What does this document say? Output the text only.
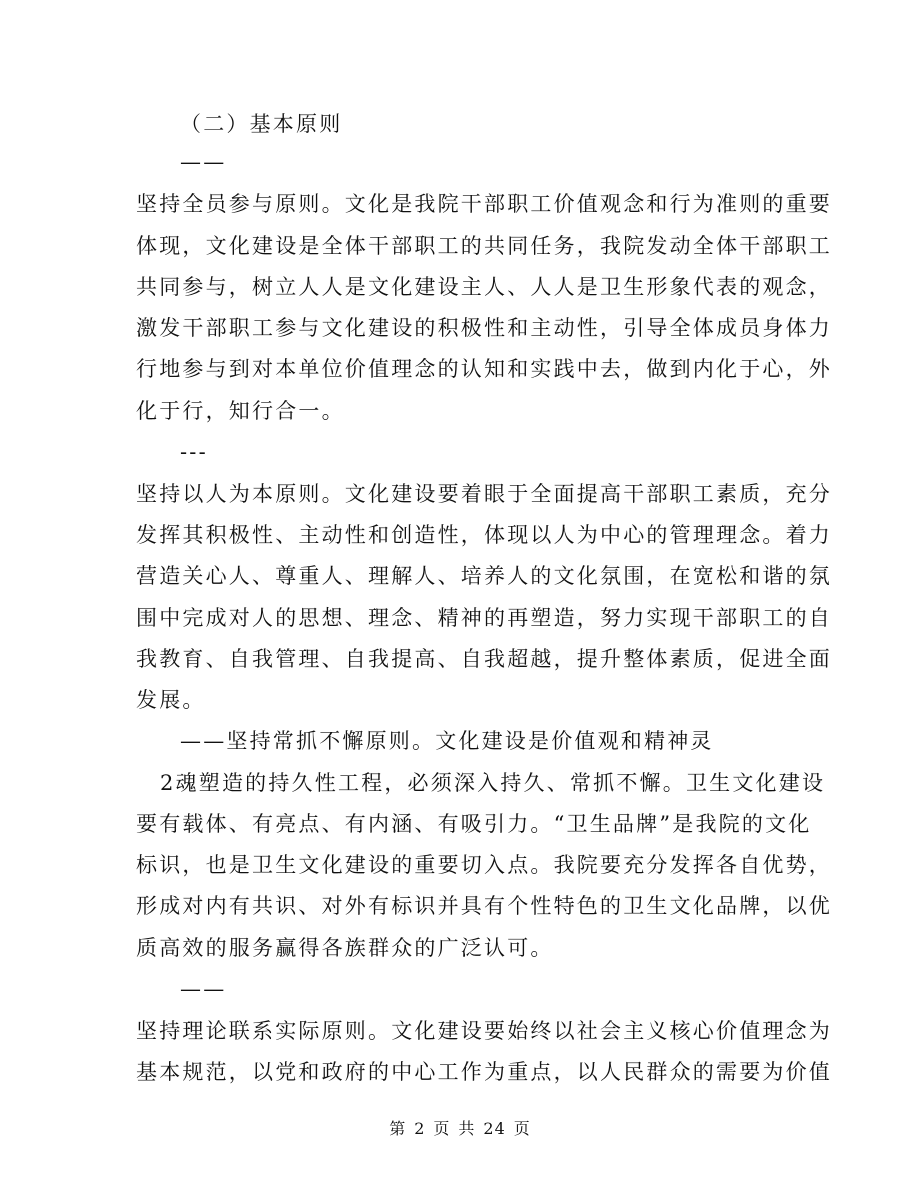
（二）基本原则
——
坚持全员参与原则。文化是我院干部职工价值观念和行为准则的重要
体现，文化建设是全体干部职工的共同任务，我院发动全体干部职工
共同参与，树立人人是文化建设主人、人人是卫生形象代表的观念，
激发干部职工参与文化建设的积极性和主动性，引导全体成员身体力
行地参与到对本单位价值理念的认知和实践中去，做到内化于心，外
化于行，知行合一。
---
坚持以人为本原则。文化建设要着眼于全面提高干部职工素质，充分
发挥其积极性、主动性和创造性，体现以人为中心的管理理念。着力
营造关心人、尊重人、理解人、培养人的文化氛围，在宽松和谐的氛
围中完成对人的思想、理念、精神的再塑造，努力实现干部职工的自
我教育、自我管理、自我提高、自我超越，提升整体素质，促进全面
发展。
——坚持常抓不懈原则。文化建设是价值观和精神灵
2魂塑造的持久性工程，必须深入持久、常抓不懈。卫生文化建设
要有载体、有亮点、有内涵、有吸引力。“卫生品牌”是我院的文化
标识，也是卫生文化建设的重要切入点。我院要充分发挥各自优势，
形成对内有共识、对外有标识并具有个性特色的卫生文化品牌，以优
质高效的服务赢得各族群众的广泛认可。
——
坚持理论联系实际原则。文化建设要始终以社会主义核心价值理念为
基本规范，以党和政府的中心工作为重点，以人民群众的需要为价值
第 2 页 共 24 页
